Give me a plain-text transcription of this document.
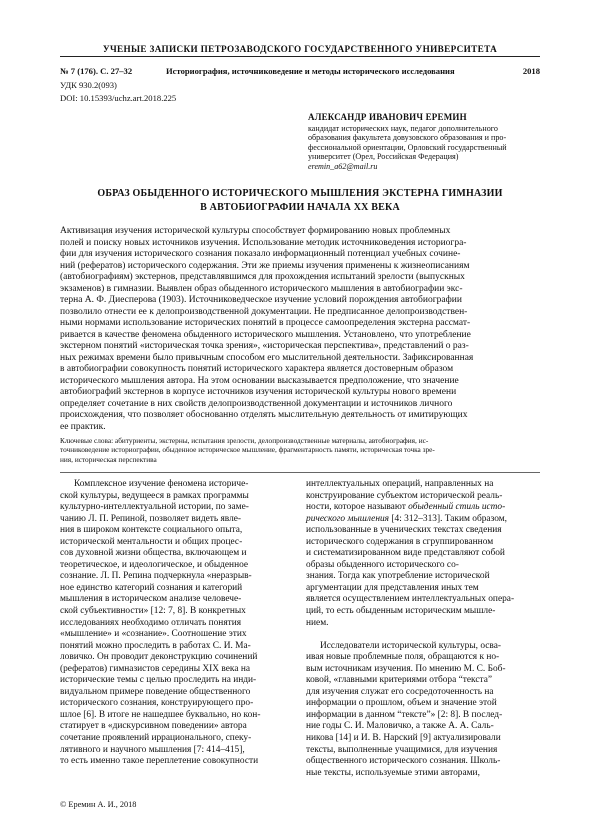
УЧЕНЫЕ ЗАПИСКИ ПЕТРОЗАВОДСКОГО ГОСУДАРСТВЕННОГО УНИВЕРСИТЕТА
№ 7 (176). С. 27–32	Историография, источниковедение и методы исторического исследования	2018
УДК 930.2(093)
DOI: 10.15393/uchz.art.2018.225
АЛЕКСАНДР ИВАНОВИЧ ЕРЕМИН
кандидат исторических наук, педагог дополнительного
образования факультета довузовского образования и про-
фессиональной ориентации, Орловский государственный
университет (Орел, Российская Федерация)
eremin_a62@mail.ru
ОБРАЗ ОБЫДЕННОГО ИСТОРИЧЕСКОГО МЫШЛЕНИЯ ЭКСТЕРНА ГИМНАЗИИ
В АВТОБИОГРАФИИ НАЧАЛА XX ВЕКА
Активизация изучения исторической культуры способствует формированию новых проблемных
полей и поиску новых источников изучения. Использование методик источниковедения историогра-
фии для изучения исторического сознания показало информационный потенциал учебных сочине-
ний (рефератов) исторического содержания. Эти же приемы изучения применены к жизнеописаниям
(автобиографиям) экстернов, представлявшимся для прохождения испытаний зрелости (выпускных
экзаменов) в гимназии. Выявлен образ обыденного исторического мышления в автобиографии экс-
терна А. Ф. Диесперова (1903). Источниковедческое изучение условий порождения автобиографии
позволило отнести ее к делопроизводственной документации. Не предписанное делопроизводствен-
ными нормами использование исторических понятий в процессе самоопределения экстерна рассмат-
ривается в качестве феномена обыденного исторического мышления. Установлено, что употребление
экстерном понятий «историческая точка зрения», «историческая перспектива», представлений о раз-
ных режимах времени было привычным способом его мыслительной деятельности. Зафиксированная
в автобиографии совокупность понятий исторического характера является достоверным образом
исторического мышления автора. На этом основании высказывается предположение, что значение
автобиографий экстернов в корпусе источников изучения исторической культуры нового времени
определяет сочетание в них свойств делопроизводственной документации и источников личного
происхождения, что позволяет обоснованно отделять мыслительную деятельность от имитирующих
ее практик.
Ключевые слова: абитуриенты, экстерны, испытания зрелости, делопроизводственные материалы, автобиография, ис-
точниковедение историографии, обыденное историческое мышление, фрагментарность памяти, историческая точка зре-
ния, историческая перспектива
Комплексное изучение феномена историче-
ской культуры, ведущееся в рамках программы
культурно-интеллектуальной истории, по заме-
чанию Л. П. Репиной, позволяет видеть явле-
ния в широком контексте социального опыта,
исторической ментальности и общих процес-
сов духовной жизни общества, включающем и
теоретическое, и идеологическое, и обыденное
сознание. Л. П. Репина подчеркнула «неразрыв-
ное единство категорий сознания и категорий
мышления в историческом анализе человече-
ской субъективности» [12: 7, 8]. В конкретных
исследованиях необходимо отличать понятия
«мышление» и «сознание». Соотношение этих
понятий можно проследить в работах С. И. Ма-
ловичко. Он проводит деконструкцию сочинений
(рефератов) гимназистов середины XIX века на
исторические темы с целью проследить на инди-
видуальном примере поведение общественного
исторического сознания, конструирующего про-
шлое [6]. В итоге не нашедшее буквально, но кон-
статирует в «дискурсивном поведении» автора
сочетание проявлений иррационального, спеку-
лятивного и научного мышления [7: 414–415],
то есть именно такое переплетение совокупности
интеллектуальных операций, направленных на
конструирование субъектом исторической реаль-
ности, которое называют обыденный стиль исто-
рического мышления [4: 312–313]. Таким образом,
использованные в ученических текстах сведения
исторического содержания в сгруппированном
и систематизированном виде представляют собой
образы обыденного исторического со-
знания. Тогда как употребление исторической
аргументации для представления иных тем
является осуществлением интеллектуальных опера-
ций, то есть обыденным историческим мышле-
нием.
Исследователи исторической культуры, осва-
ивая новые проблемные поля, обращаются к но-
вым источникам изучения. По мнению М. С. Боб-
ковой, «главными критериями отбора “текста”
для изучения служат его сосредоточенность на
информации о прошлом, объем и значение этой
информации в данном “тексте”» [2: 8]. В послед-
ние годы С. И. Маловичко, а также А. А. Саль-
никова [14] и И. В. Нарский [9] актуализировали
тексты, выполненные учащимися, для изучения
общественного исторического сознания. Школь-
ные тексты, используемые этими авторами,
© Еремин А. И., 2018
